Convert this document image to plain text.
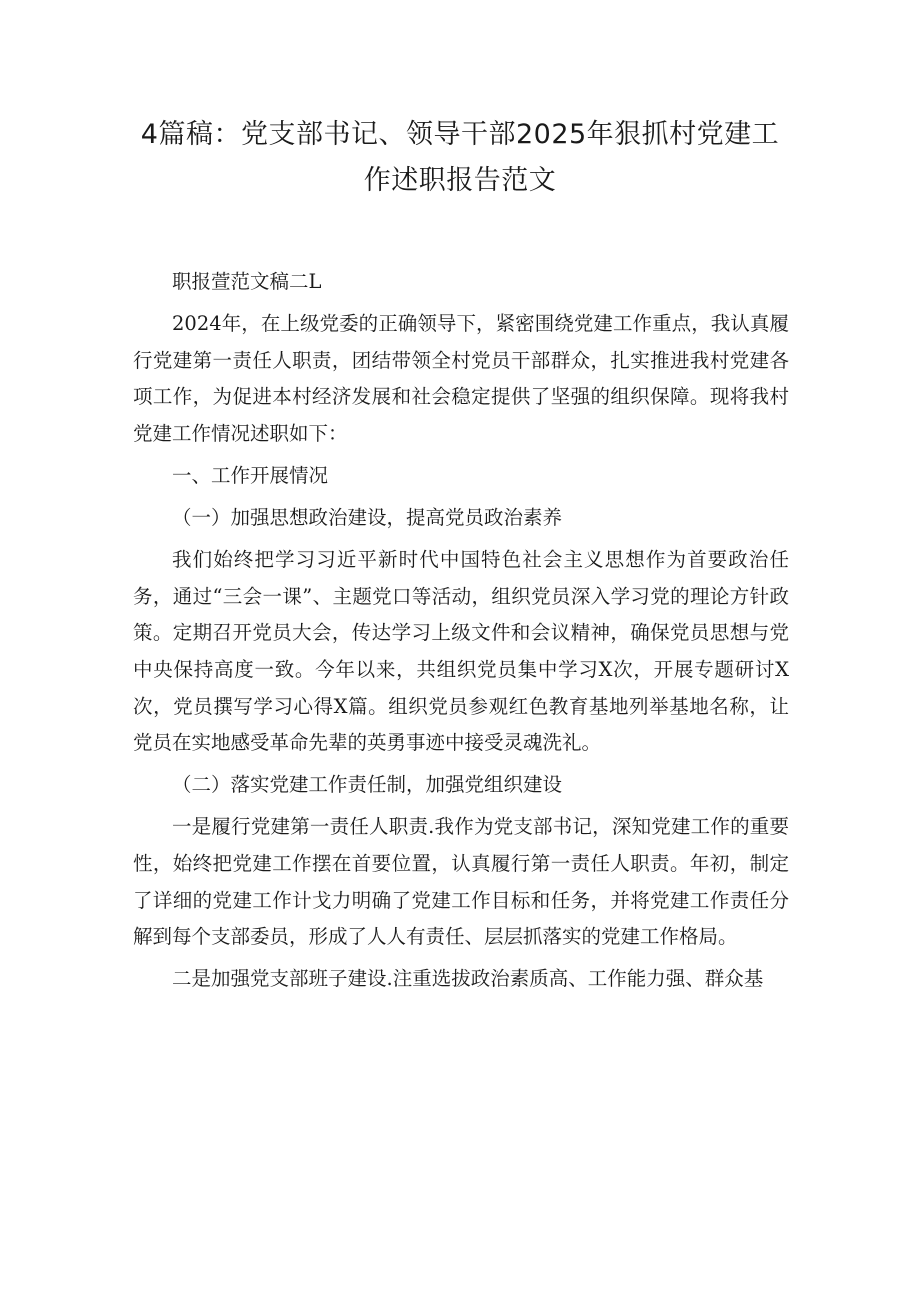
4篇稿：党支部书记、领导干部2025年狠抓村党建工
作述职报告范文

职报萱范文稿二L

2024年，在上级党委的正确领导下，紧密围绕党建工作重点，我认真履行党建第一责任人职责，团结带领全村党员干部群众，扎实推进我村党建各项工作，为促进本村经济发展和社会稳定提供了坚强的组织保障。现将我村党建工作情况述职如下：

一、工作开展情况

（一）加强思想政治建设，提高党员政治素养

我们始终把学习习近平新时代中国特色社会主义思想作为首要政治任务，通过“三会一课”、主题党口等活动，组织党员深入学习党的理论方针政策。定期召开党员大会，传达学习上级文件和会议精神，确保党员思想与党中央保持高度一致。今年以来，共组织党员集中学习X次，开展专题研讨X次，党员撰写学习心得X篇。组织党员参观红色教育基地列举基地名称，让党员在实地感受革命先辈的英勇事迹中接受灵魂洗礼。

（二）落实党建工作责任制，加强党组织建设

一是履行党建第一责任人职责.我作为党支部书记，深知党建工作的重要性，始终把党建工作摆在首要位置，认真履行第一责任人职责。年初，制定了详细的党建工作计戈力明确了党建工作目标和任务，并将党建工作责任分解到每个支部委员，形成了人人有责任、层层抓落实的党建工作格局。

二是加强党支部班子建设.注重选拔政治素质高、工作能力强、群众基
